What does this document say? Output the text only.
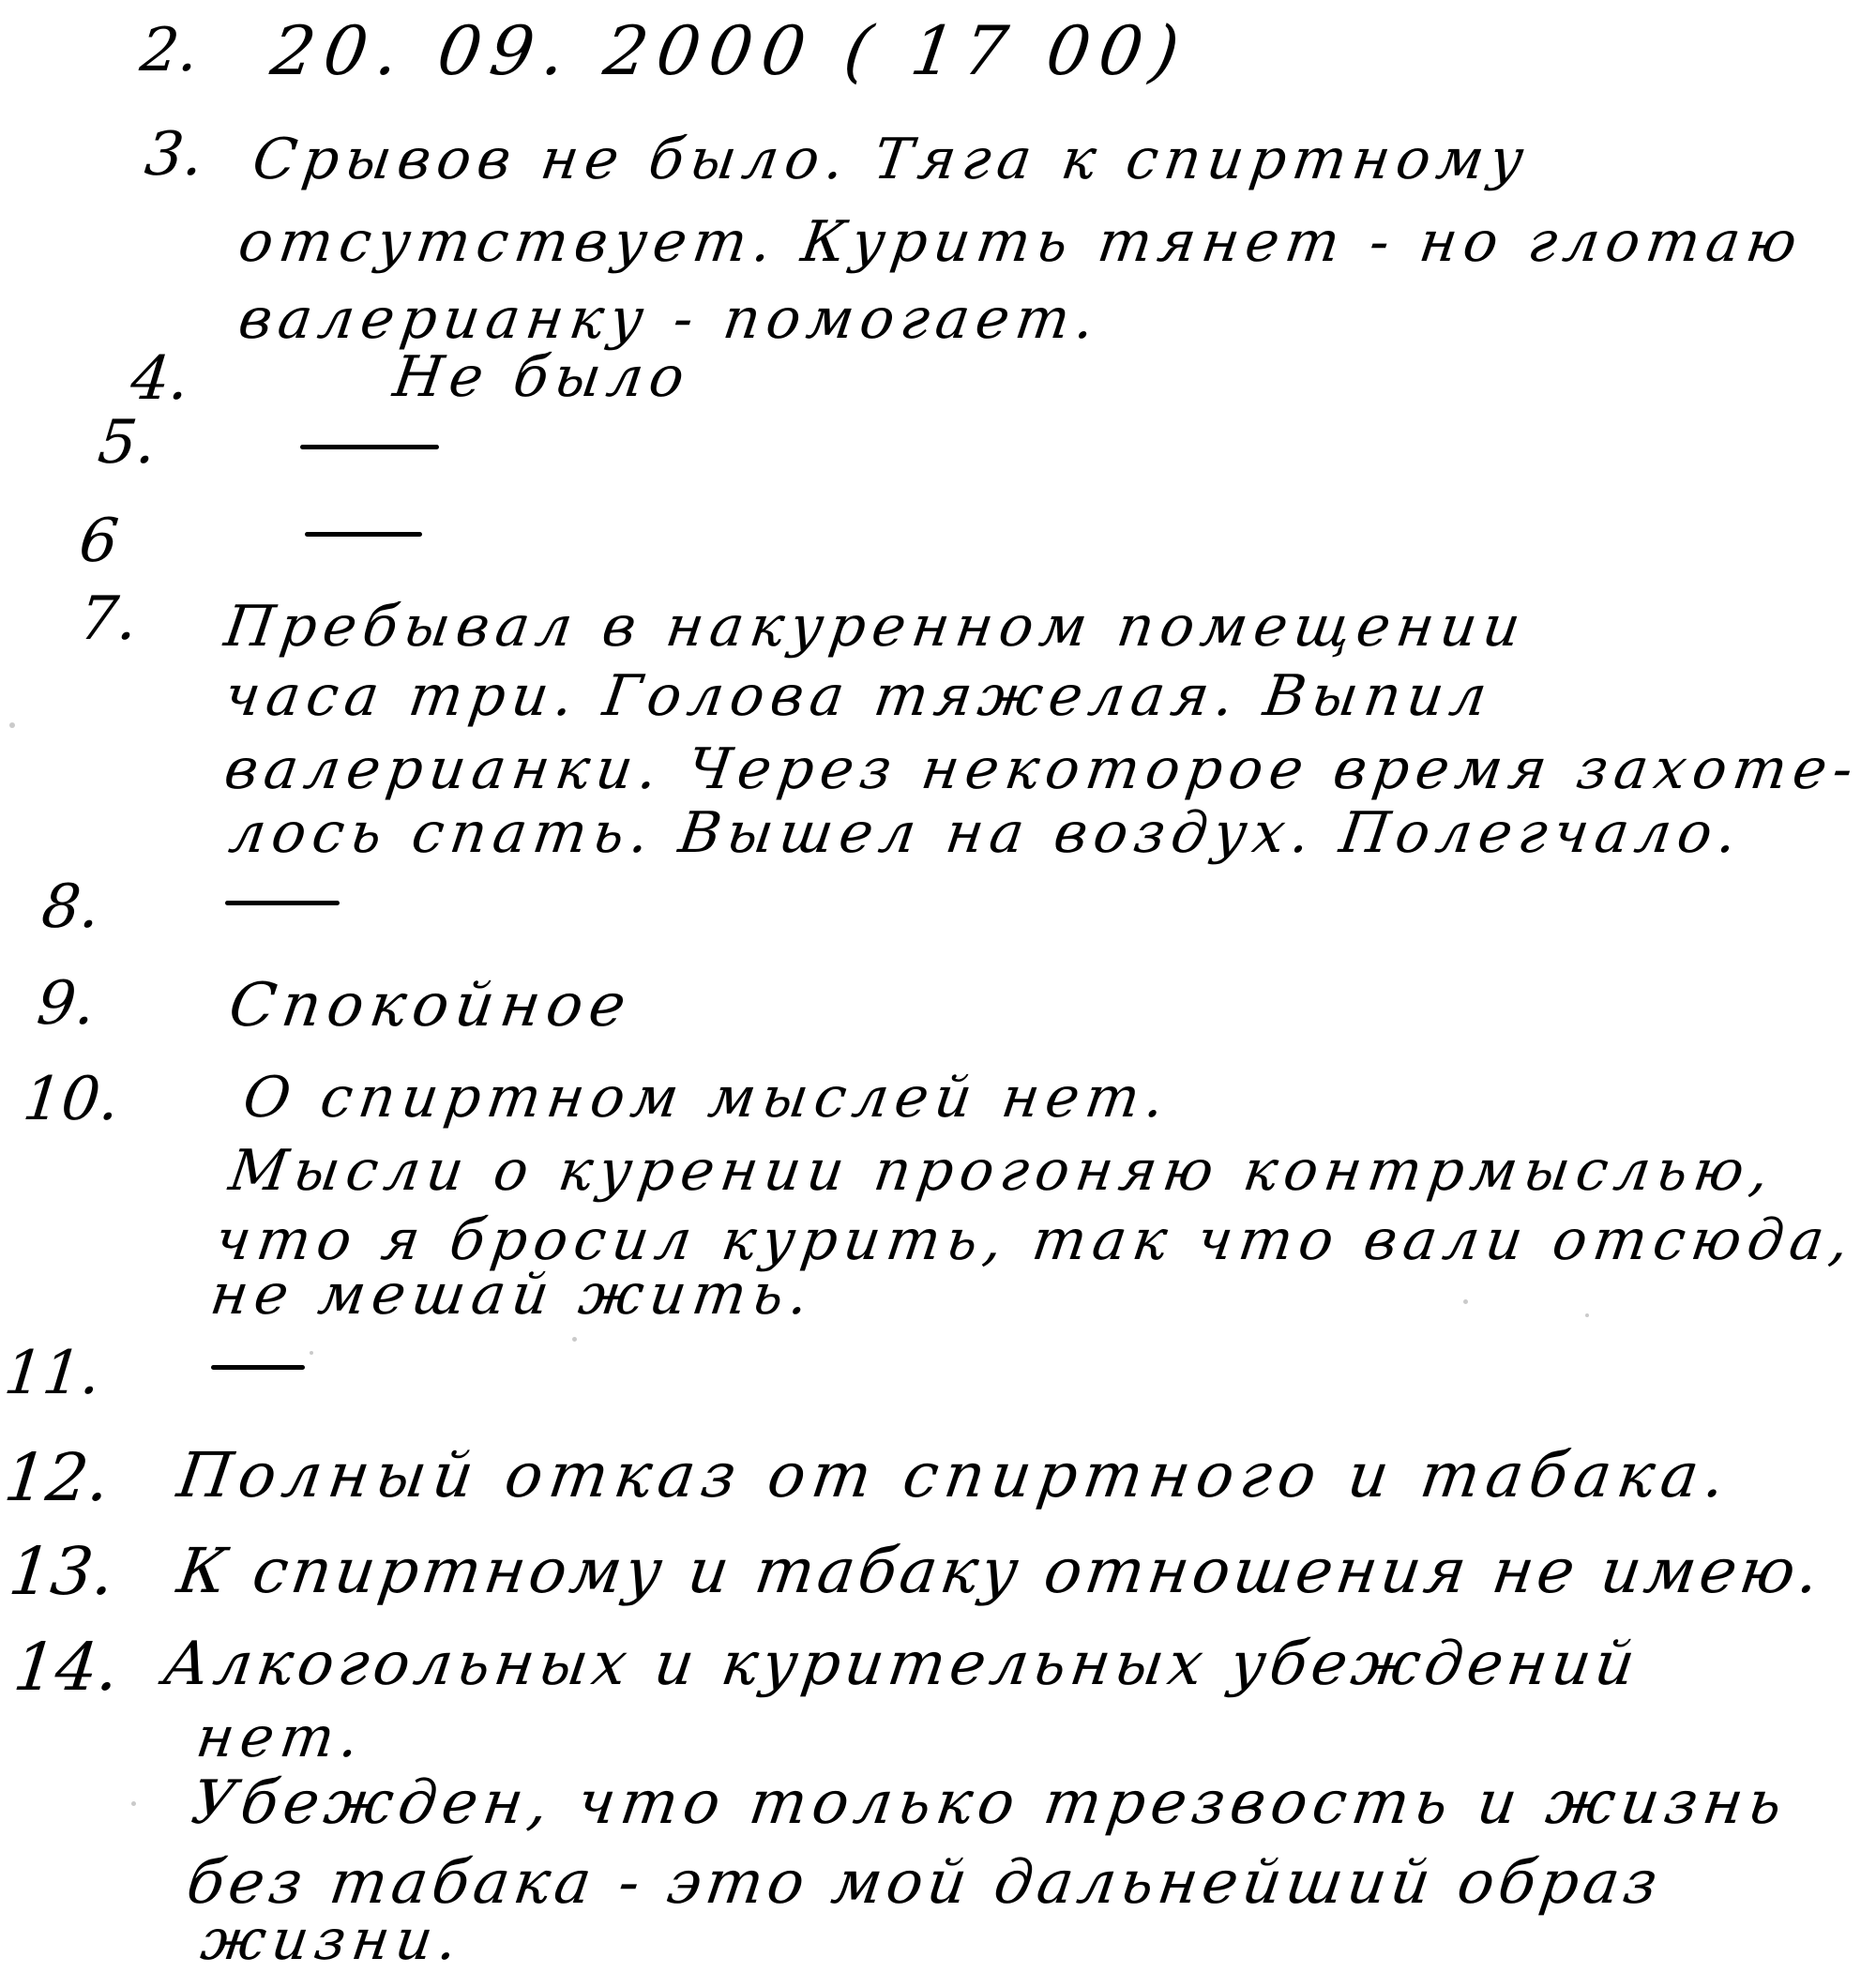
2. 20. 09. 2000 ( 17 00)
3. Срывов не было. Тяга к спиртному
отсутствует. Курить тянет - но глотаю
валерианку - помогает.
4.	Не было
5.
6
7. Пребывал в накуренном помещении
часа три. Голова тяжелая. Выпил
валерианки. Через некоторое время захоте-
лось спать. Вышел на воздух. Полегчало.
8.
9. Спокойное
10. О спиртном мыслей нет.
Мысли о курении прогоняю контрмыслью,
что я бросил курить, так что вали отсюда,
не мешай жить.
11.
12. Полный отказ от спиртного и табака.
13. К спиртному и табаку отношения не имею.
14. Алкогольных и курительных убеждений
нет.
Убежден, что только трезвость и жизнь
без табака - это мой дальнейший образ
жизни.
